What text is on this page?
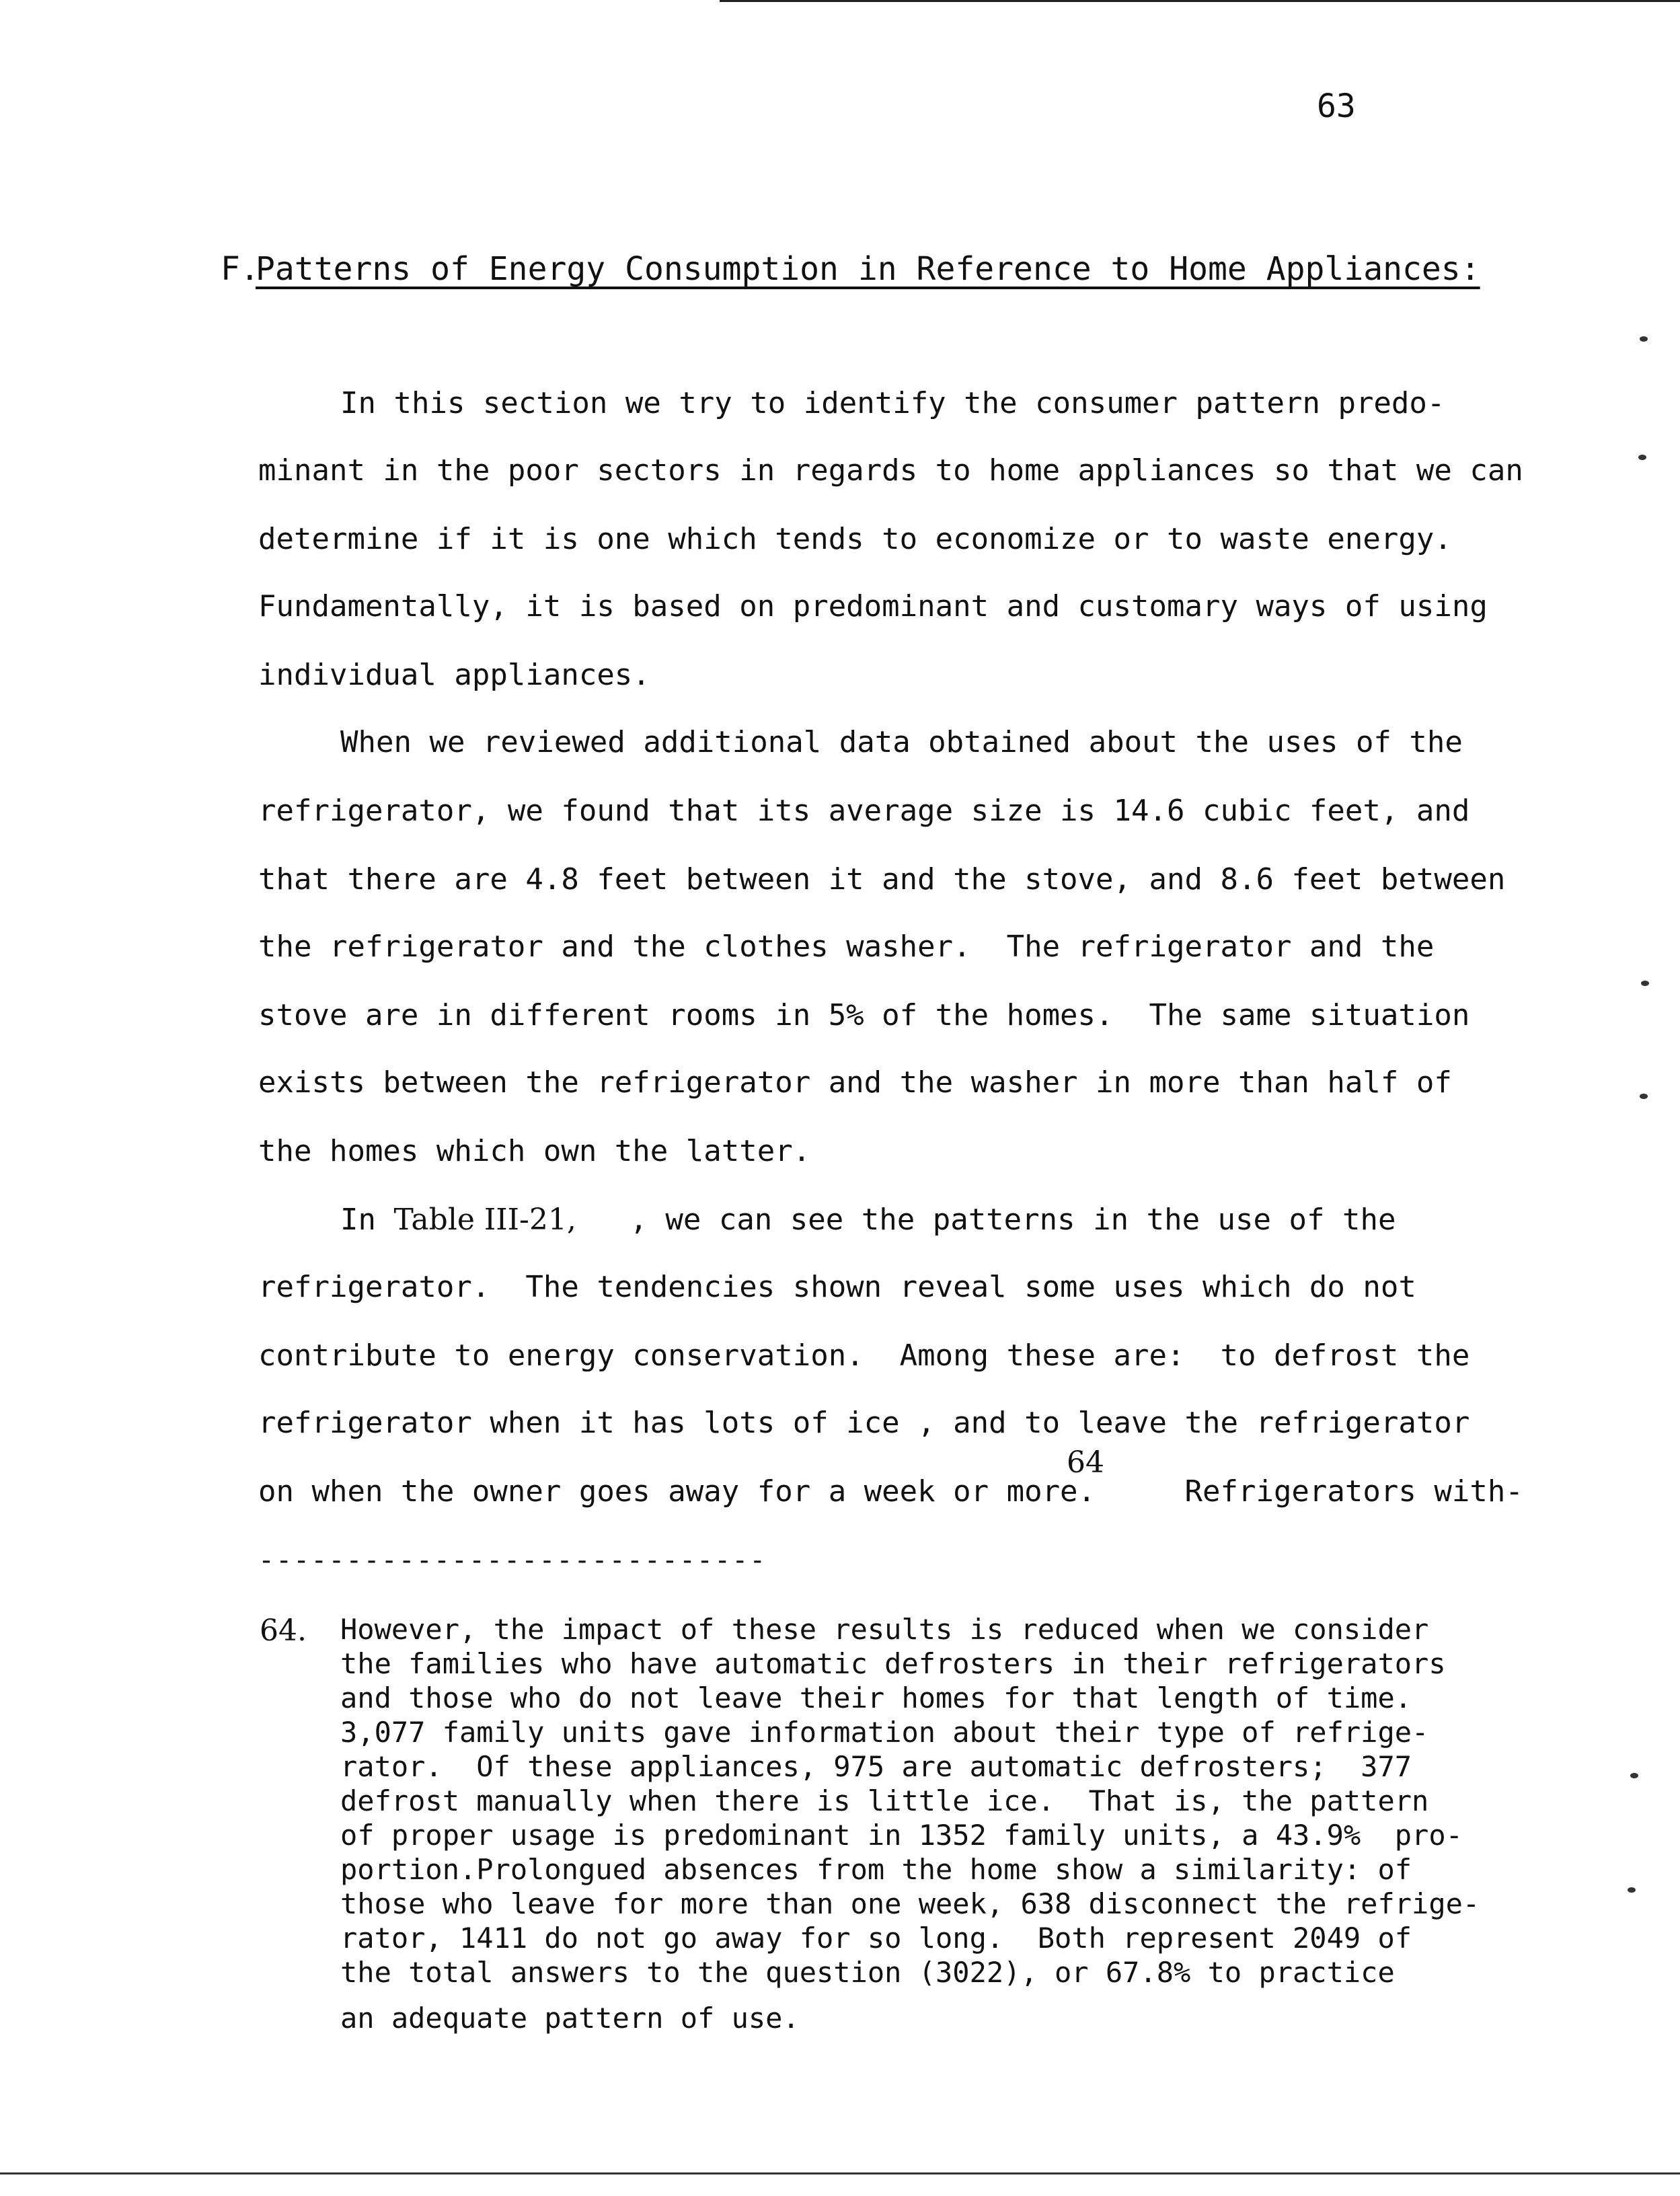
63
F.
Patterns of Energy Consumption in Reference to Home Appliances:
In this section we try to identify the consumer pattern predo-
minant in the poor sectors in regards to home appliances so that we can
determine if it is one which tends to economize or to waste energy.
Fundamentally, it is based on predominant and customary ways of using
individual appliances.
When we reviewed additional data obtained about the uses of the
refrigerator, we found that its average size is 14.6 cubic feet, and
that there are 4.8 feet between it and the stove, and 8.6 feet between
the refrigerator and the clothes washer.  The refrigerator and the
stove are in different rooms in 5% of the homes.  The same situation
exists between the refrigerator and the washer in more than half of
the homes which own the latter.
In Table III-21,   , we can see the patterns in the use of the
refrigerator.  The tendencies shown reveal some uses which do not
contribute to energy conservation.  Among these are:  to defrost the
refrigerator when it has lots of ice , and to leave the refrigerator
64
on when the owner goes away for a week or more.     Refrigerators with-
-----------------------------
64. However, the impact of these results is reduced when we consider
the families who have automatic defrosters in their refrigerators
and those who do not leave their homes for that length of time.
3,077 family units gave information about their type of refrige-
rator.  Of these appliances, 975 are automatic defrosters;  377
defrost manually when there is little ice.  That is, the pattern
of proper usage is predominant in 1352 family units, a 43.9%  pro-
portion.Prolongued absences from the home show a similarity: of
those who leave for more than one week, 638 disconnect the refrige-
rator, 1411 do not go away for so long.  Both represent 2049 of
the total answers to the question (3022), or 67.8% to practice
an adequate pattern of use.
